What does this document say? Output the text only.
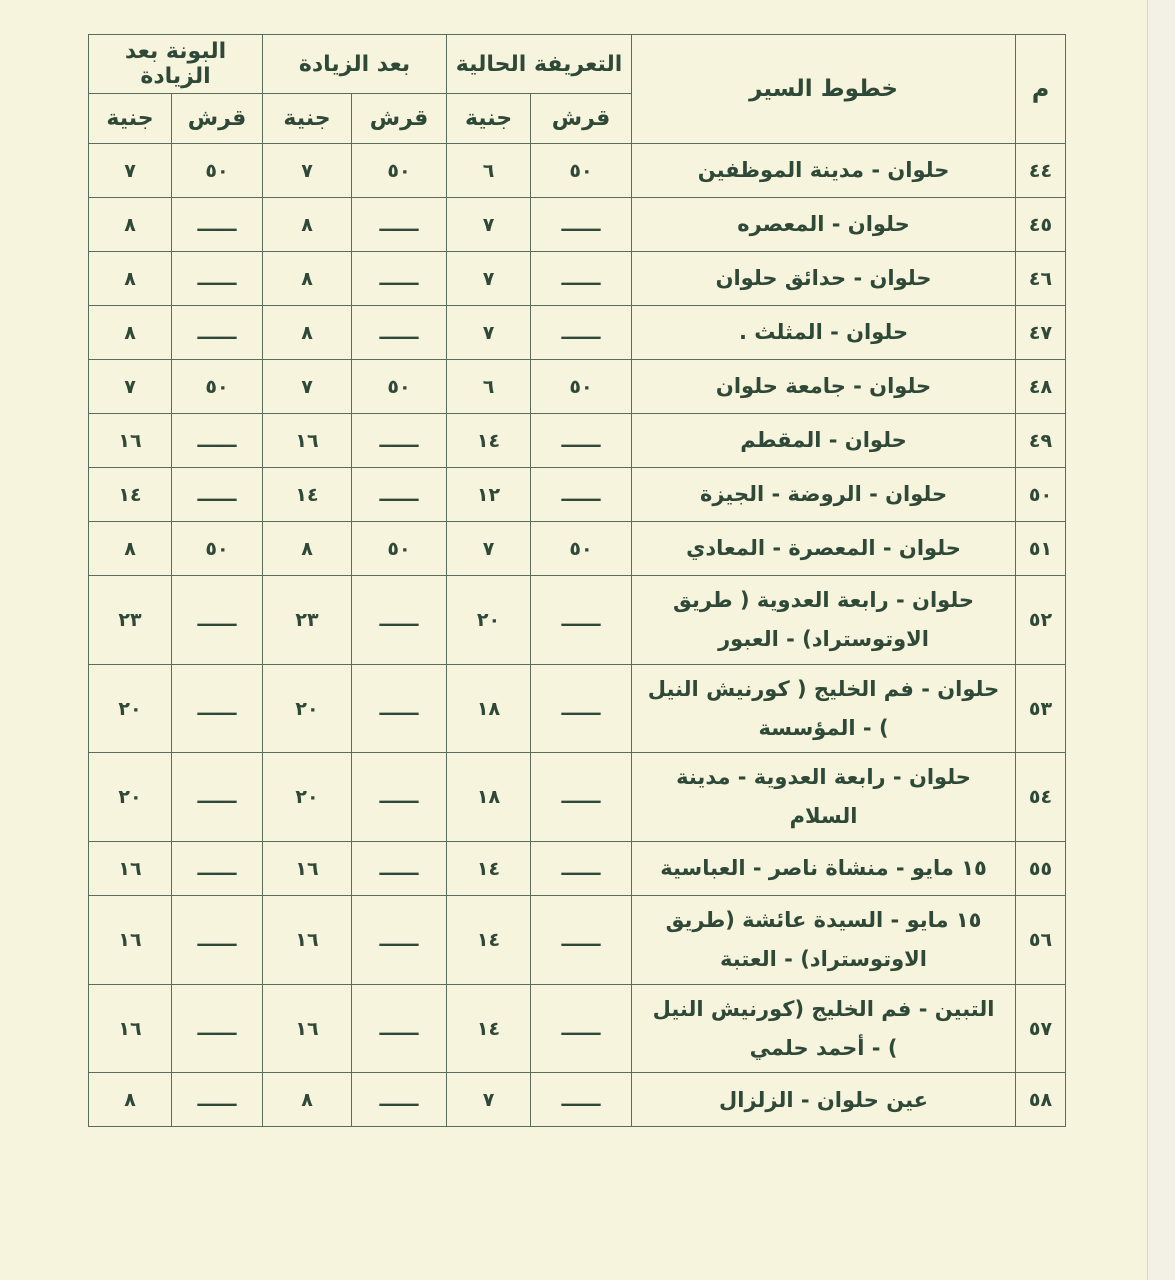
م	خطوط السير	التعريفة الحالية		بعد الزيادة		البونة بعد الزيادة	
		قرش	جنية	قرش	جنية	قرش	جنية
٤٤	حلوان - مدينة الموظفين	٥٠	٦	٥٠	٧	٥٠	٧
٤٥	حلوان - المعصره	ــــــ	٧	ــــــ	٨	ــــــ	٨
٤٦	حلوان - حدائق حلوان	ــــــ	٧	ــــــ	٨	ــــــ	٨
٤٧	حلوان - المثلث .	ــــــ	٧	ــــــ	٨	ــــــ	٨
٤٨	حلوان - جامعة حلوان	٥٠	٦	٥٠	٧	٥٠	٧
٤٩	حلوان - المقطم	ــــــ	١٤	ــــــ	١٦	ــــــ	١٦
٥٠	حلوان - الروضة - الجيزة	ــــــ	١٢	ــــــ	١٤	ــــــ	١٤
٥١	حلوان - المعصرة - المعادي	٥٠	٧	٥٠	٨	٥٠	٨
٥٢	حلوان - رابعة العدوية ( طريق الاوتوستراد) - العبور	ــــــ	٢٠	ــــــ	٢٣	ــــــ	٢٣
٥٣	حلوان - فم الخليج ( كورنيش النيل ) - المؤسسة	ــــــ	١٨	ــــــ	٢٠	ــــــ	٢٠
٥٤	حلوان - رابعة العدوية - مدينة السلام	ــــــ	١٨	ــــــ	٢٠	ــــــ	٢٠
٥٥	١٥ مايو - منشاة ناصر - العباسية	ــــــ	١٤	ــــــ	١٦	ــــــ	١٦
٥٦	١٥ مايو - السيدة عائشة (طريق الاوتوستراد) - العتبة	ــــــ	١٤	ــــــ	١٦	ــــــ	١٦
٥٧	التبين - فم الخليج (كورنيش النيل ) - أحمد حلمي	ــــــ	١٤	ــــــ	١٦	ــــــ	١٦
٥٨	عين حلوان - الزلزال	ــــــ	٧	ــــــ	٨	ــــــ	٨
